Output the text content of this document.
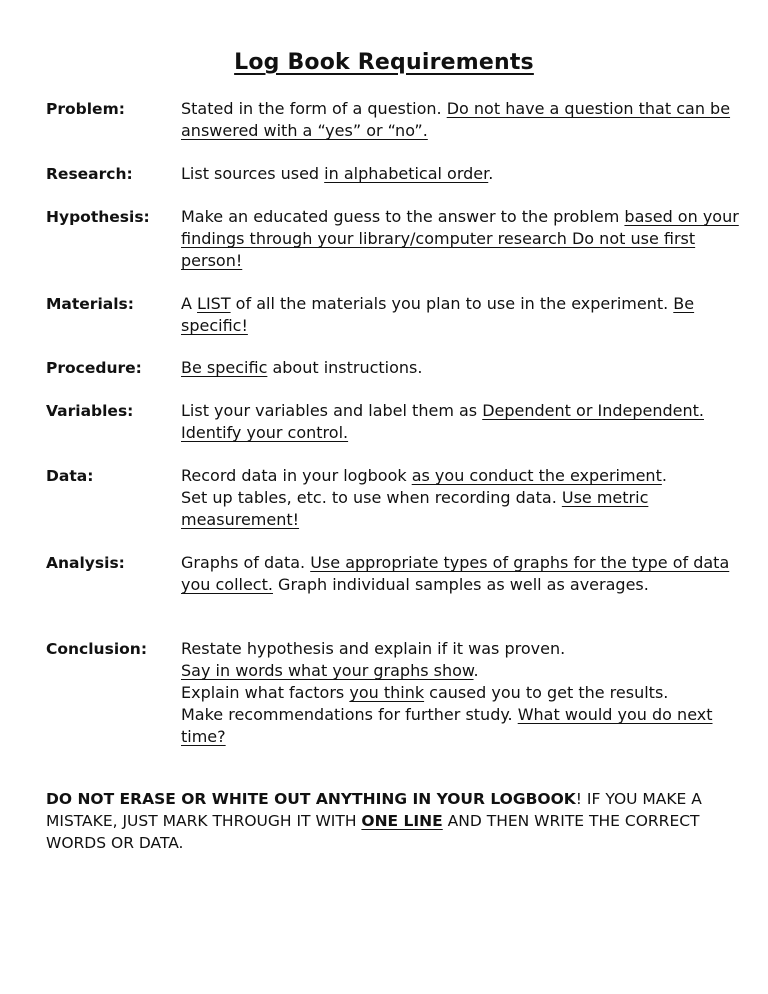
Log Book Requirements
Problem:	Stated in the form of a question. Do not have a question that can be answered with a “yes” or “no”.
Research:	List sources used in alphabetical order.
Hypothesis: Make an educated guess to the answer to the problem based on your findings through your library/computer research Do not use first person!
Materials:	A LIST of all the materials you plan to use in the experiment. Be specific!
Procedure: Be specific about instructions.
Variables:	List your variables and label them as Dependent or Independent. Identify your control.
Data:	Record data in your logbook as you conduct the experiment.

Set up tables, etc. to use when recording data. Use metric measurement!

Analysis:	Graphs of data. Use appropriate types of graphs for the type of data you collect. Graph individual samples as well as averages.
Conclusion: Restate hypothesis and explain if it was proven.

Say in words what your graphs show.

Explain what factors you think caused you to get the results.

Make recommendations for further study. What would you do next time?

DO NOT ERASE OR WHITE OUT ANYTHING IN YOUR LOGBOOK! IF YOU MAKE A MISTAKE, JUST MARK THROUGH IT WITH ONE LINE AND THEN WRITE THE CORRECT WORDS OR DATA.
